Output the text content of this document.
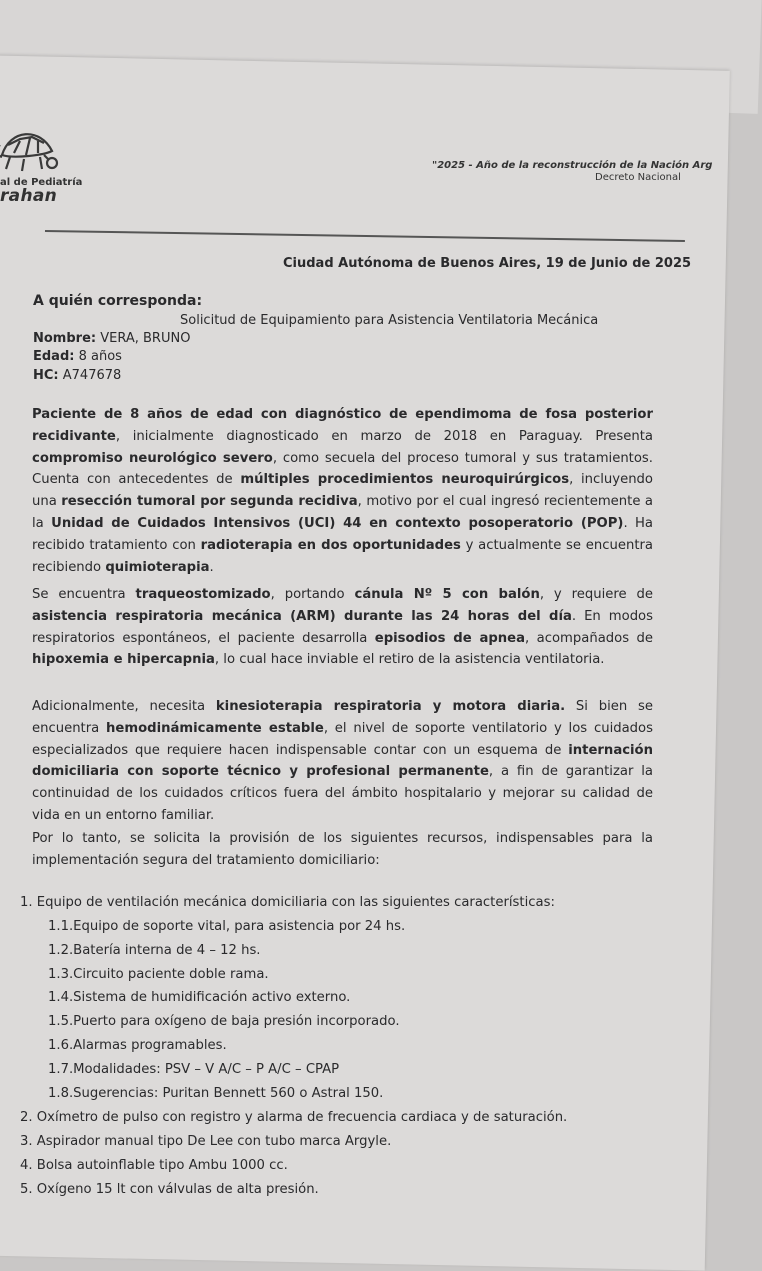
al de Pediatría
rahan
"2025 - Año de la reconstrucción de la Nación Arg
Decreto Nacional
Ciudad Autónoma de Buenos Aires, 19 de Junio de 2025
A quién corresponda:
Solicitud de Equipamiento para Asistencia Ventilatoria Mecánica
Nombre: VERA, BRUNO
Edad: 8 años
HC: A747678
Paciente de 8 años de edad con diagnóstico de ependimoma de fosa posterior recidivante, inicialmente diagnosticado en marzo de 2018 en Paraguay. Presenta compromiso neurológico severo, como secuela del proceso tumoral y sus tratamientos. Cuenta con antecedentes de múltiples procedimientos neuroquirúrgicos, incluyendo una resección tumoral por segunda recidiva, motivo por el cual ingresó recientemente a la Unidad de Cuidados Intensivos (UCI) 44 en contexto posoperatorio (POP). Ha recibido tratamiento con radioterapia en dos oportunidades y actualmente se encuentra recibiendo quimioterapia.
Se encuentra traqueostomizado, portando cánula Nº 5 con balón, y requiere de asistencia respiratoria mecánica (ARM) durante las 24 horas del día. En modos respiratorios espontáneos, el paciente desarrolla episodios de apnea, acompañados de hipoxemia e hipercapnia, lo cual hace inviable el retiro de la asistencia ventilatoria.
Adicionalmente, necesita kinesioterapia respiratoria y motora diaria. Si bien se encuentra hemodinámicamente estable, el nivel de soporte ventilatorio y los cuidados especializados que requiere hacen indispensable contar con un esquema de internación domiciliaria con soporte técnico y profesional permanente, a fin de garantizar la continuidad de los cuidados críticos fuera del ámbito hospitalario y mejorar su calidad de vida en un entorno familiar.
Por lo tanto, se solicita la provisión de los siguientes recursos, indispensables para la implementación segura del tratamiento domiciliario:
1. Equipo de ventilación mecánica domiciliaria con las siguientes características:
1.1.Equipo de soporte vital, para asistencia por 24 hs.
1.2.Batería interna de 4 – 12 hs.
1.3.Circuito paciente doble rama.
1.4.Sistema de humidificación activo externo.
1.5.Puerto para oxígeno de baja presión incorporado.
1.6.Alarmas programables.
1.7.Modalidades: PSV – V A/C – P A/C – CPAP
1.8.Sugerencias: Puritan Bennett 560 o Astral 150.
2. Oxímetro de pulso con registro y alarma de frecuencia cardiaca y de saturación.
3. Aspirador manual tipo De Lee con tubo marca Argyle.
4. Bolsa autoinflable tipo Ambu 1000 cc.
5. Oxígeno 15 lt con válvulas de alta presión.
